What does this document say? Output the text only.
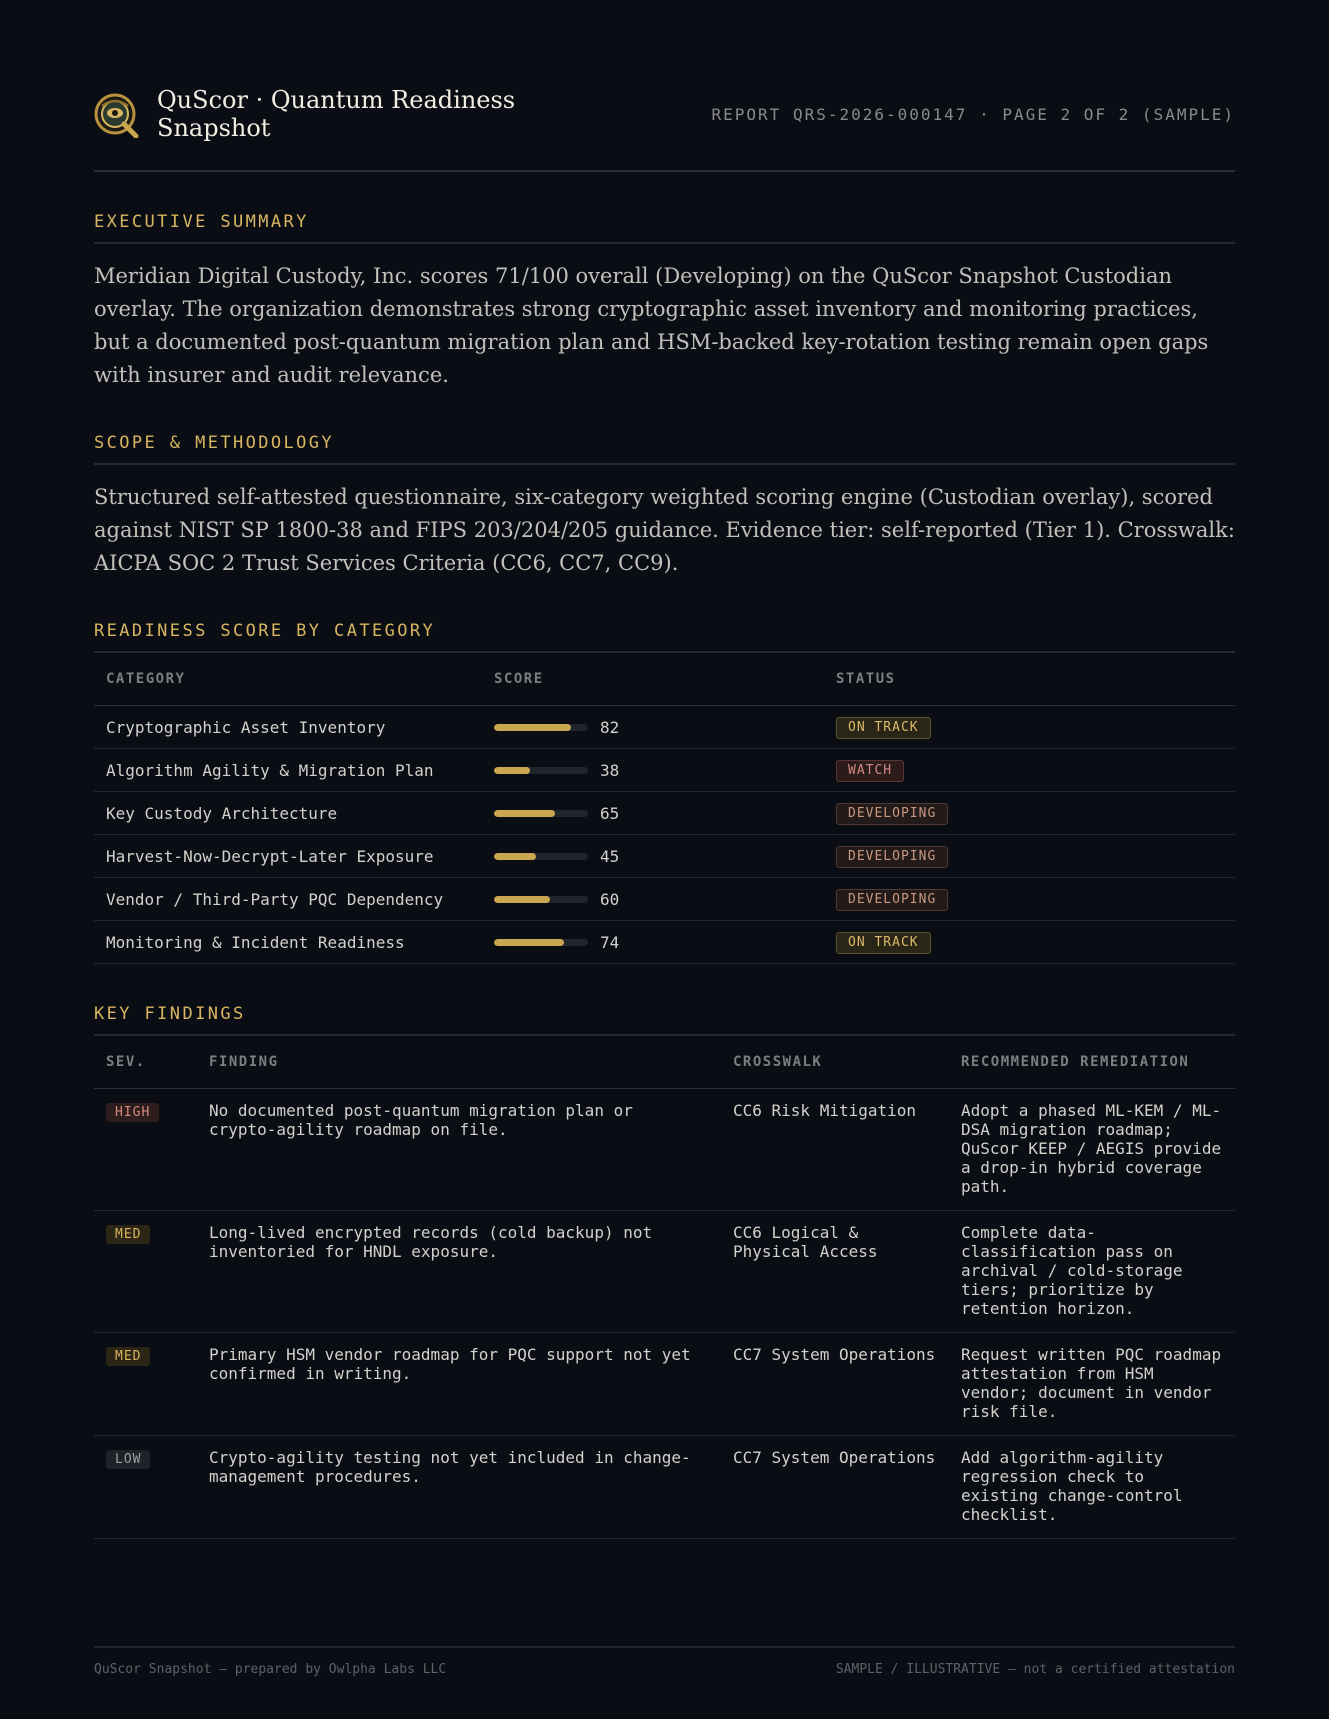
QuScor · Quantum Readiness Snapshot	REPORT QRS-2026-000147 · PAGE 2 OF 2 (SAMPLE)
EXECUTIVE SUMMARY
Meridian Digital Custody, Inc. scores 71/100 overall (Developing) on the QuScor Snapshot Custodian overlay. The organization demonstrates strong cryptographic asset inventory and monitoring practices, but a documented post-quantum migration plan and HSM-backed key-rotation testing remain open gaps with insurer and audit relevance.
SCOPE & METHODOLOGY
Structured self-attested questionnaire, six-category weighted scoring engine (Custodian overlay), scored against NIST SP 1800-38 and FIPS 203/204/205 guidance. Evidence tier: self-reported (Tier 1). Crosswalk: AICPA SOC 2 Trust Services Criteria (CC6, CC7, CC9).
READINESS SCORE BY CATEGORY
CATEGORY	SCORE	STATUS
Cryptographic Asset Inventory	82	ON TRACK
Algorithm Agility & Migration Plan	38	WATCH
Key Custody Architecture	65	DEVELOPING
Harvest-Now-Decrypt-Later Exposure	45	DEVELOPING
Vendor / Third-Party PQC Dependency	60	DEVELOPING
Monitoring & Incident Readiness	74	ON TRACK
KEY FINDINGS
SEV.	FINDING	CROSSWALK	RECOMMENDED REMEDIATION
HIGH	No documented post-quantum migration plan or crypto-agility roadmap on file.	CC6 Risk Mitigation	Adopt a phased ML-KEM / ML-DSA migration roadmap; QuScor KEEP / AEGIS provide a drop-in hybrid coverage path.
MED	Long-lived encrypted records (cold backup) not inventoried for HNDL exposure.	CC6 Logical & Physical Access	Complete data-classification pass on archival / cold-storage tiers; prioritize by retention horizon.
MED	Primary HSM vendor roadmap for PQC support not yet confirmed in writing.	CC7 System Operations	Request written PQC roadmap attestation from HSM vendor; document in vendor risk file.
LOW	Crypto-agility testing not yet included in change-management procedures.	CC7 System Operations	Add algorithm-agility regression check to existing change-control checklist.
QuScor Snapshot — prepared by Owlpha Labs LLC	SAMPLE / ILLUSTRATIVE — not a certified attestation
